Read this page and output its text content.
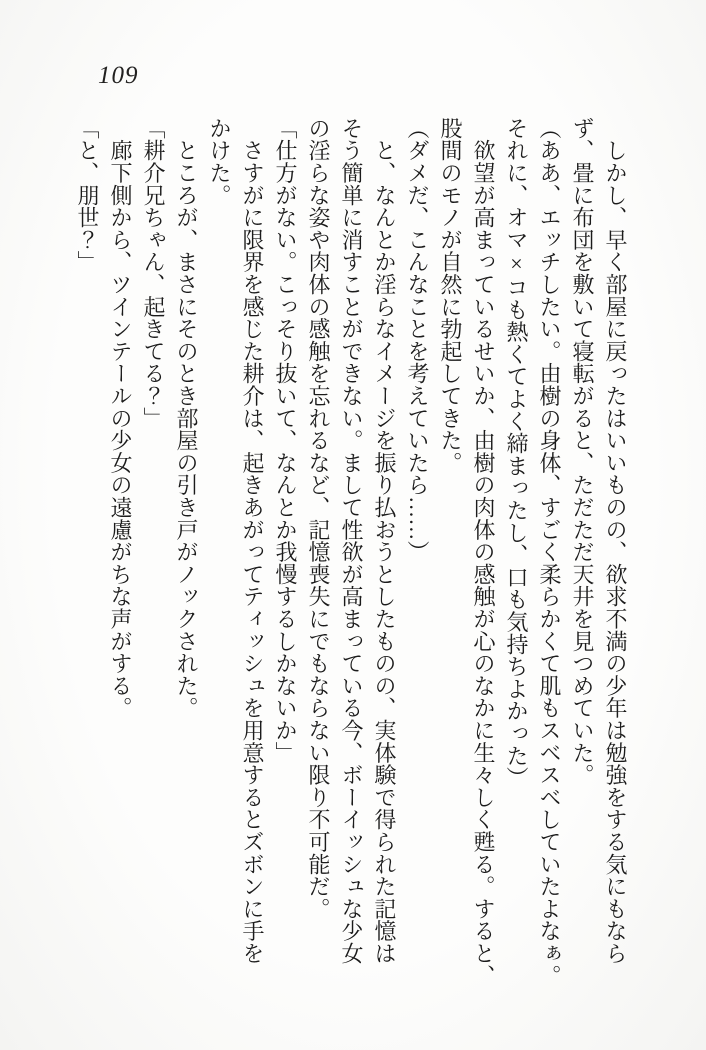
109
　しかし、早く部屋に戻ったはいいものの、欲求不満の少年は勉強をする気にもなら
ず、畳に布団を敷いて寝転がると、ただただ天井を見つめていた。
（ああ、エッチしたい。由樹の身体、すごく柔らかくて肌もスベスベしていたよなぁ。
それに、オマ×コも熱くてよく締まったし、口も気持ちよかった）
　欲望が高まっているせいか、由樹の肉体の感触が心のなかに生々しく甦る。すると、
股間のモノが自然に勃起してきた。
（ダメだ、こんなことを考えていたら……）
　と、なんとか淫らなイメージを振り払おうとしたものの、実体験で得られた記憶は
そう簡単に消すことができない。まして性欲が高まっている今、ボーイッシュな少女
の淫らな姿や肉体の感触を忘れるなど、記憶喪失にでもならない限り不可能だ。
「仕方がない。こっそり抜いて、なんとか我慢するしかないか」
　さすがに限界を感じた耕介は、起きあがってティッシュを用意するとズボンに手を
かけた。
　ところが、まさにそのとき部屋の引き戸がノックされた。
「耕介兄ちゃん、起きてる？」
　廊下側から、ツインテールの少女の遠慮がちな声がする。
「と、朋世？」
